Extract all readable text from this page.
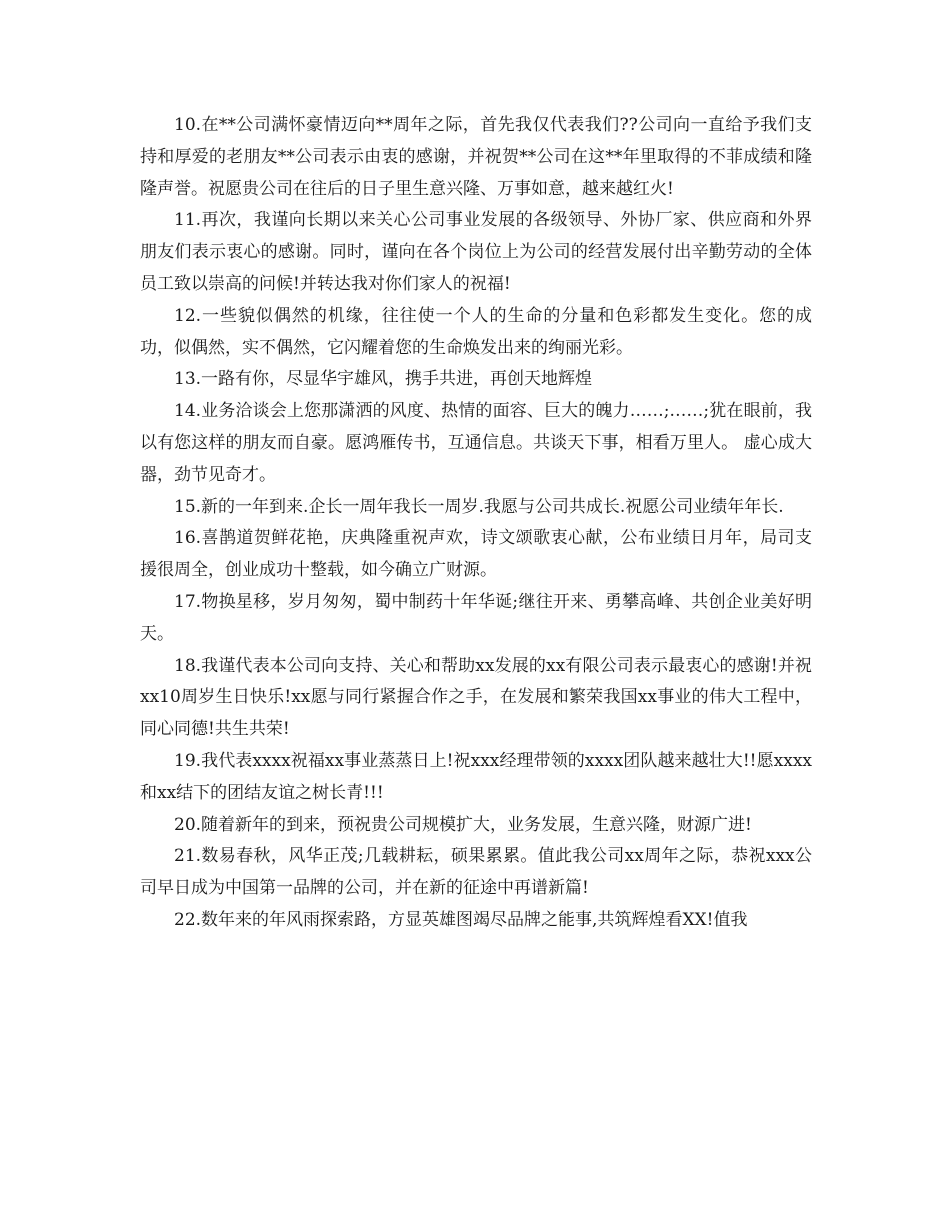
10.在**公司满怀豪情迈向**周年之际，首先我仅代表我们??公司向一直给予我们支持和厚爱的老朋友**公司表示由衷的感谢，并祝贺**公司在这**年里取得的不菲成绩和隆隆声誉。祝愿贵公司在往后的日子里生意兴隆、万事如意，越来越红火!

11.再次，我谨向长期以来关心公司事业发展的各级领导、外协厂家、供应商和外界朋友们表示衷心的感谢。同时，谨向在各个岗位上为公司的经营发展付出辛勤劳动的全体员工致以崇高的问候!并转达我对你们家人的祝福!

12.一些貌似偶然的机缘，往往使一个人的生命的分量和色彩都发生变化。您的成功，似偶然，实不偶然，它闪耀着您的生命焕发出来的绚丽光彩。

13.一路有你，尽显华宇雄风，携手共进，再创天地辉煌

14.业务洽谈会上您那潇洒的风度、热情的面容、巨大的魄力……;……;犹在眼前，我以有您这样的朋友而自豪。愿鸿雁传书，互通信息。共谈天下事，相看万里人。 虚心成大器，劲节见奇才。

15.新的一年到来.企长一周年我长一周岁.我愿与公司共成长.祝愿公司业绩年年长.

16.喜鹊道贺鲜花艳，庆典隆重祝声欢，诗文颂歌衷心献，公布业绩日月年，局司支援很周全，创业成功十整载，如今确立广财源。

17.物换星移，岁月匆匆，蜀中制药十年华诞;继往开来、勇攀高峰、共创企业美好明天。

18.我谨代表本公司向支持、关心和帮助xx发展的xx有限公司表示最衷心的感谢!并祝xx10周岁生日快乐!xx愿与同行紧握合作之手，在发展和繁荣我国xx事业的伟大工程中，同心同德!共生共荣!

19.我代表xxxx祝福xx事业蒸蒸日上!祝xxx经理带领的xxxx团队越来越壮大!!愿xxxx和xx结下的团结友谊之树长青!!!

20.随着新年的到来，预祝贵公司规模扩大，业务发展，生意兴隆，财源广进!

21.数易春秋，风华正茂;几载耕耘，硕果累累。值此我公司xx周年之际，恭祝xxx公司早日成为中国第一品牌的公司，并在新的征途中再谱新篇!

22.数年来的年风雨探索路，方显英雄图竭尽品牌之能事,共筑辉煌看XX!值我
